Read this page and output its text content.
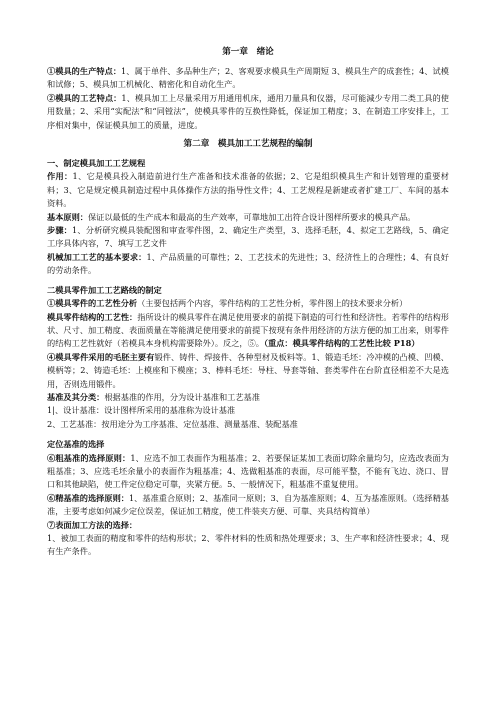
第一章　绪论

①模具的生产特点：1、属于单件、多品种生产；2、客观要求模具生产周期短 3、模具生产的成套性；4、试模和试修；5、模具加工机械化、精密化和自动化生产。

②模具的工艺特点：1、模具加工上尽量采用万用通用机床，通用刀量具和仪器，尽可能減少专用二类工具的使用数量；2、采用“实配法”和“同镗法”，使模具零件的互换性降低，保证加工精度；3、在制造工序安排上，工序相对集中，保证模具加工的质量，进度。

第二章　模具加工工艺规程的编制

一、制定模具加工工艺规程

作用：1、它是模具投入制造前进行生产准备和技术准备的依据；2、它是组织模具生产和计划管理的重要材料；3、它是规定模具制造过程中具体操作方法的指导性文件；4、工艺规程是新建或者扩建工厂、车间的基本资料。

基本原则：保证以最低的生产成本和最高的生产效率，可靠地加工出符合设计图样所要求的模具产品。

步骤：1、分析研究模具装配图和审查零件图，2、确定生产类型，3、选择毛胚，4、拟定工艺路线，5、确定工序具体内容，7、填写工艺文件

机械加工工艺的基本要求：1、产品质量的可靠性；2、工艺技术的先进性；3、经济性上的合理性；4、有良好的劳动条件。

二模具零件加工工艺路线的制定

①模具零件的工艺性分析（主要包括两个内容，零件结构的工艺性分析，零件图上的技术要求分析）

模具零件结构的工艺性：指所设计的模具零件在满足使用要求的前提下制造的可行性和经济性。若零件的结构形状、尺寸、加工精度、表面质量在等能满足使用要求的前提下按现有条件用经济的方法方便的加工出来，则零件的结构工艺性就好（若模具本身机构需要除外）。反之，⑤。（重点：模具零件结构的工艺性比较 P18）

④模具零件采用的毛胚主要有锻件、铸件、焊接件、各种型材及板料等。1、锻造毛坯：冷冲模的凸模、凹模、模柄等；2、铸造毛坯：上模座和下模座；3、棒料毛坯：导柱、导套等轴、套类零件在台阶直径相差不大是选用，否则选用锻件。

基准及其分类：根据基准的作用，分为设计基准和工艺基准

1|、设计基准：设计图样所采用的基准称为设计基准

2、工艺基准：按用途分为工序基准、定位基准、测量基准、装配基准

定位基准的选择

⑥粗基准的选择原则：1、应选不加工表面作为粗基准；2、若要保证某加工表面切除余量均匀，应选改表面为粗基准；3、应选毛坯余量小的表面作为粗基准；4、选做粗基准的表面，尽可能平整，不能有飞边、浇口、冒口和其他缺陷，使工件定位稳定可靠，夹紧方便。5、一般情况下，粗基准不重复使用。

⑥精基准的选择原则：1、基准重合原则；2、基准同一原则；3、自为基准原则；4、互为基准原则。（选择精基准，主要考虑如何减少定位误差，保证加工精度，使工件装夹方便、可靠、夹具结构简单）

⑦表面加工方法的选择：

1、被加工表面的精度和零件的结构形状；2、零件材料的性质和热处理要求；3、生产率和经济性要求；4、现有生产条件。
